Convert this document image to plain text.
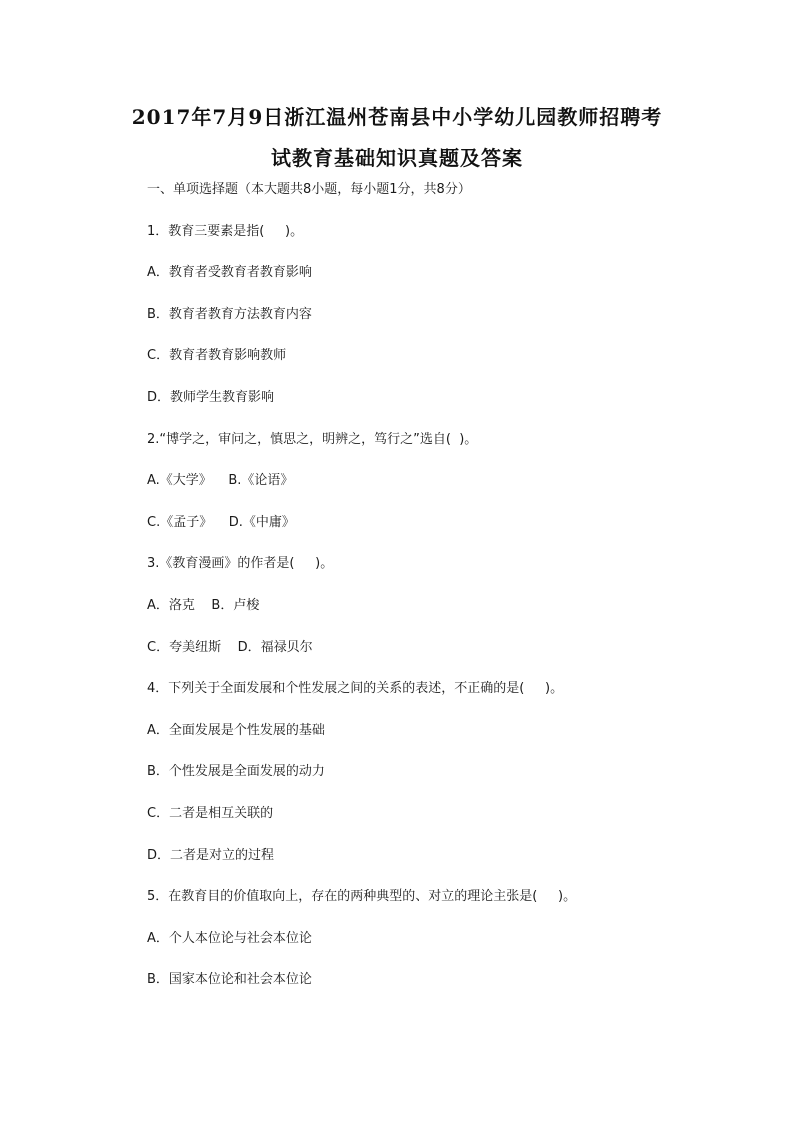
2017年7月9日浙江温州苍南县中小学幼儿园教师招聘考
试教育基础知识真题及答案
一、单项选择题（本大题共8小题，每小题1分，共8分）
1．教育三要素是指(     )。
A．教育者受教育者教育影响
B．教育者教育方法教育内容
C．教育者教育影响教师
D．教师学生教育影响
2.“博学之，审问之，慎思之，明辨之，笃行之”选自(  )。
A.《大学》    B.《论语》
C.《孟子》    D.《中庸》
3.《教育漫画》的作者是(     )。
A．洛克    B．卢梭
C．夸美纽斯    D．福禄贝尔
4．下列关于全面发展和个性发展之间的关系的表述，不正确的是(     )。
A．全面发展是个性发展的基础
B．个性发展是全面发展的动力
C．二者是相互关联的
D．二者是对立的过程
5．在教育目的价值取向上，存在的两种典型的、对立的理论主张是(     )。
A．个人本位论与社会本位论
B．国家本位论和社会本位论
